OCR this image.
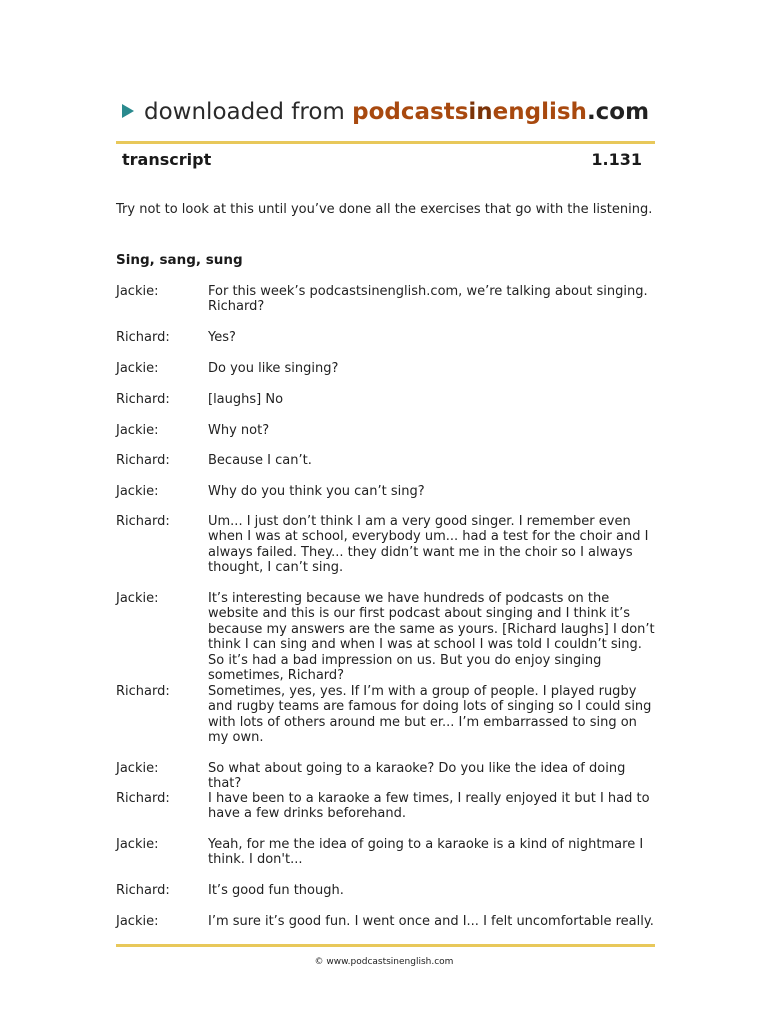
downloaded from podcastsinenglish.com
transcript	1.131
Try not to look at this until you’ve done all the exercises that go with the listening.
Sing, sang, sung
Jackie:	For this week’s podcastsinenglish.com, we’re talking about singing. Richard?
Richard:	Yes?
Jackie:	Do you like singing?
Richard:	[laughs] No
Jackie:	Why not?
Richard:	Because I can’t.
Jackie:	Why do you think you can’t sing?
Richard:	Um... I just don’t think I am a very good singer. I remember even when I was at school, everybody um... had a test for the choir and I always failed. They... they didn’t want me in the choir so I always thought, I can’t sing.
Jackie:	It’s interesting because we have hundreds of podcasts on the website and this is our first podcast about singing and I think it’s because my answers are the same as yours. [Richard laughs] I don’t think I can sing and when I was at school I was told I couldn’t sing. So it’s had a bad impression on us. But you do enjoy singing sometimes, Richard?
Richard:	Sometimes, yes, yes. If I’m with a group of people. I played rugby and rugby teams are famous for doing lots of singing so I could sing with lots of others around me but er... I’m embarrassed to sing on my own.
Jackie:	So what about going to a karaoke? Do you like the idea of doing that?
Richard:	I have been to a karaoke a few times, I really enjoyed it but I had to have a few drinks beforehand.
Jackie:	Yeah, for me the idea of going to a karaoke is a kind of nightmare I think. I don't...
Richard:	It’s good fun though.
Jackie:	I’m sure it’s good fun. I went once and I... I felt uncomfortable really.
© www.podcastsinenglish.com
